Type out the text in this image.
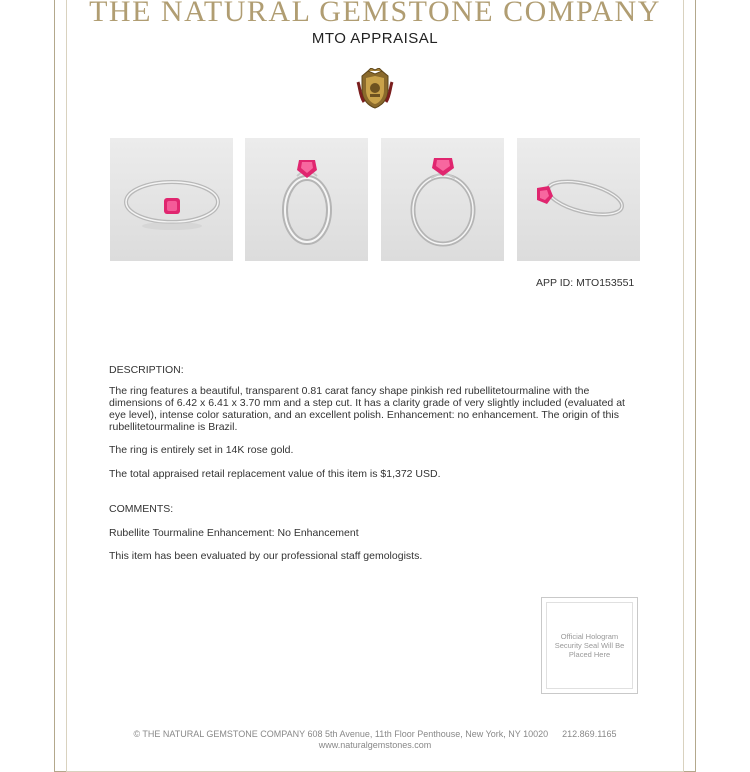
THE NATURAL GEMSTONE COMPANY
MTO APPRAISAL
APP ID: MTO153551
DESCRIPTION:
The ring features a beautiful, transparent 0.81 carat fancy shape pinkish red rubellitetourmaline with the dimensions of 6.42 x 6.41 x 3.70 mm and a step cut. It has a clarity grade of very slightly included (evaluated at eye level), intense color saturation, and an excellent polish. Enhancement: no enhancement. The origin of this rubellitetourmaline is Brazil.
The ring is entirely set in 14K rose gold.
The total appraised retail replacement value of this item is $1,372 USD.
COMMENTS:
Rubellite Tourmaline Enhancement: No Enhancement
This item has been evaluated by our professional staff gemologists.
Official Hologram Security Seal Will Be Placed Here
© THE NATURAL GEMSTONE COMPANY 608 5th Avenue, 11th Floor Penthouse, New York, NY 10020 212.869.1165
www.naturalgemstones.com
